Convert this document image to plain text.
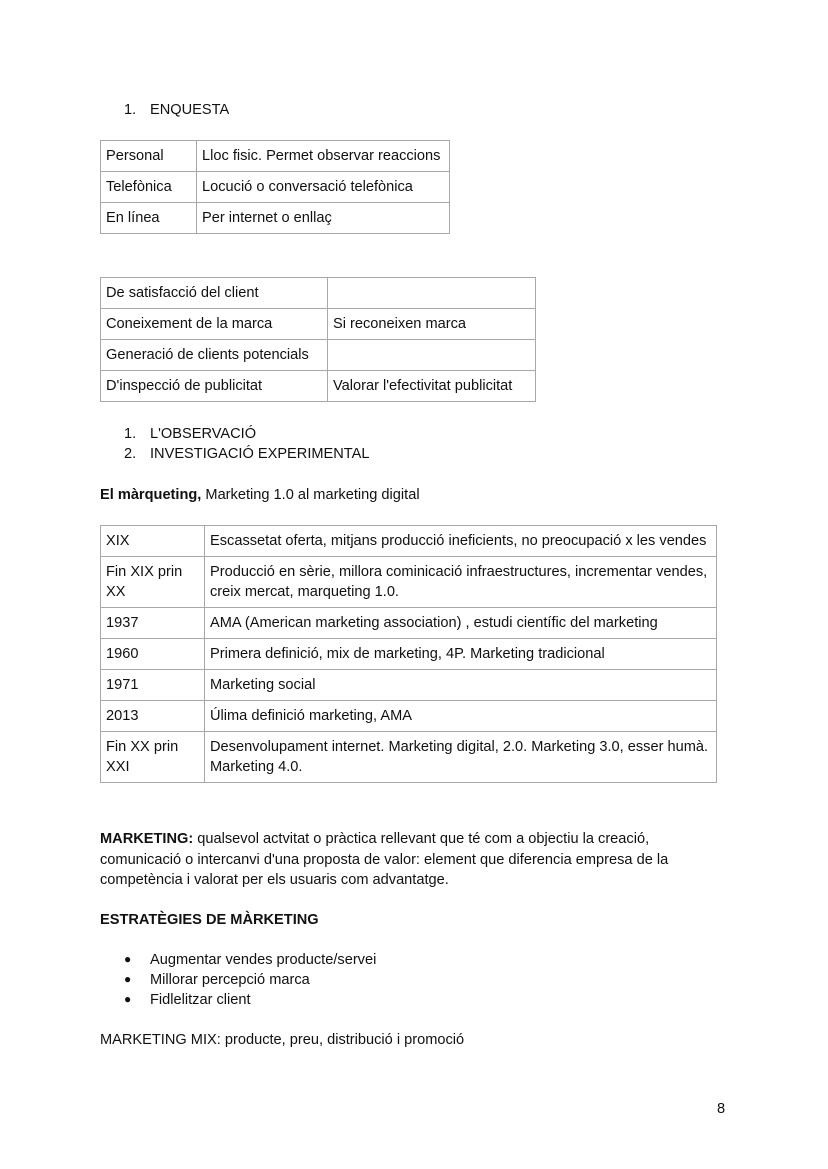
1. ENQUESTA
Personal	Lloc fisic. Permet observar reaccions
Telefònica	Locució o conversació telefònica
En línea	Per internet o enllaç
De satisfacció del client	
Coneixement de la marca	Si reconeixen marca
Generació de clients potencials	
D'inspecció de publicitat	Valorar l'efectivitat publicitat
1. L'OBSERVACIÓ
2. INVESTIGACIÓ EXPERIMENTAL

El màrqueting, Marketing 1.0 al marketing digital

XIX	Escassetat oferta, mitjans producció ineficients, no preocupació x les vendes
Fin XIX prin XX	Producció en sèrie, millora cominicació infraestructures, incrementar vendes, creix mercat, marqueting 1.0.
1937	AMA (American marketing association) , estudi científic del marketing
1960	Primera definició, mix de marketing, 4P. Marketing tradicional
1971	Marketing social
2013	Úlima definició marketing, AMA
Fin XX prin XXI	Desenvolupament internet. Marketing digital, 2.0. Marketing 3.0, esser humà. Marketing 4.0.

MARKETING: qualsevol actvitat o pràctica rellevant que té com a objectiu la creació, comunicació o intercanvi d'una proposta de valor: element que diferencia empresa de la competència i valorat per els usuaris com advantatge.

ESTRATÈGIES DE MÀRKETING

● Augmentar vendes producte/servei
● Millorar percepció marca
● Fidlelitzar client

MARKETING MIX: producte, preu, distribució i promoció

8
